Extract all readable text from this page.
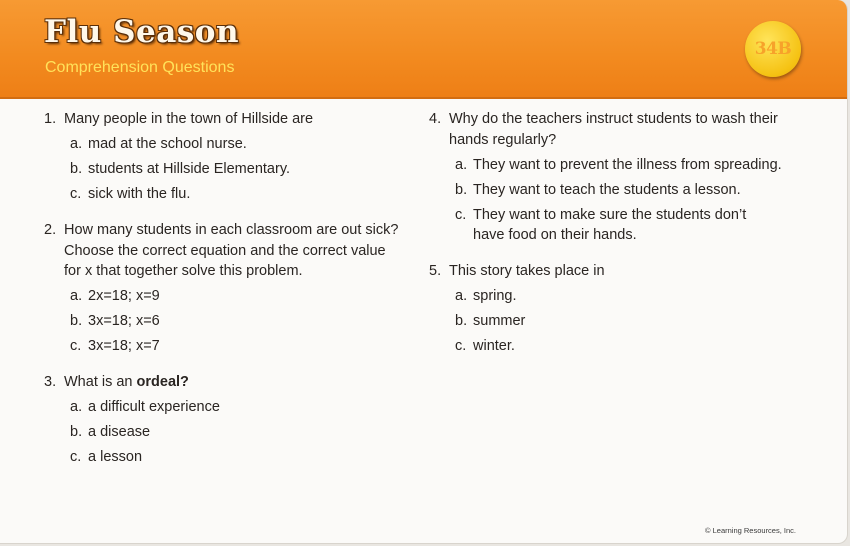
Flu Season
Comprehension Questions
34B
1. Many people in the town of Hillside are
a. mad at the school nurse.
b. students at Hillside Elementary.
c. sick with the flu.
2. How many students in each classroom are out sick?
Choose the correct equation and the correct value
for x that together solve this problem.
a. 2x=18; x=9
b. 3x=18; x=6
c. 3x=18; x=7
3. What is an ordeal?
a. a difficult experience
b. a disease
c. a lesson
4. Why do the teachers instruct students to wash their
hands regularly?
a. They want to prevent the illness from spreading.
b. They want to teach the students a lesson.
c. They want to make sure the students don’t
have food on their hands.
5. This story takes place in
a. spring.
b. summer
c. winter.
© Learning Resources, Inc.
